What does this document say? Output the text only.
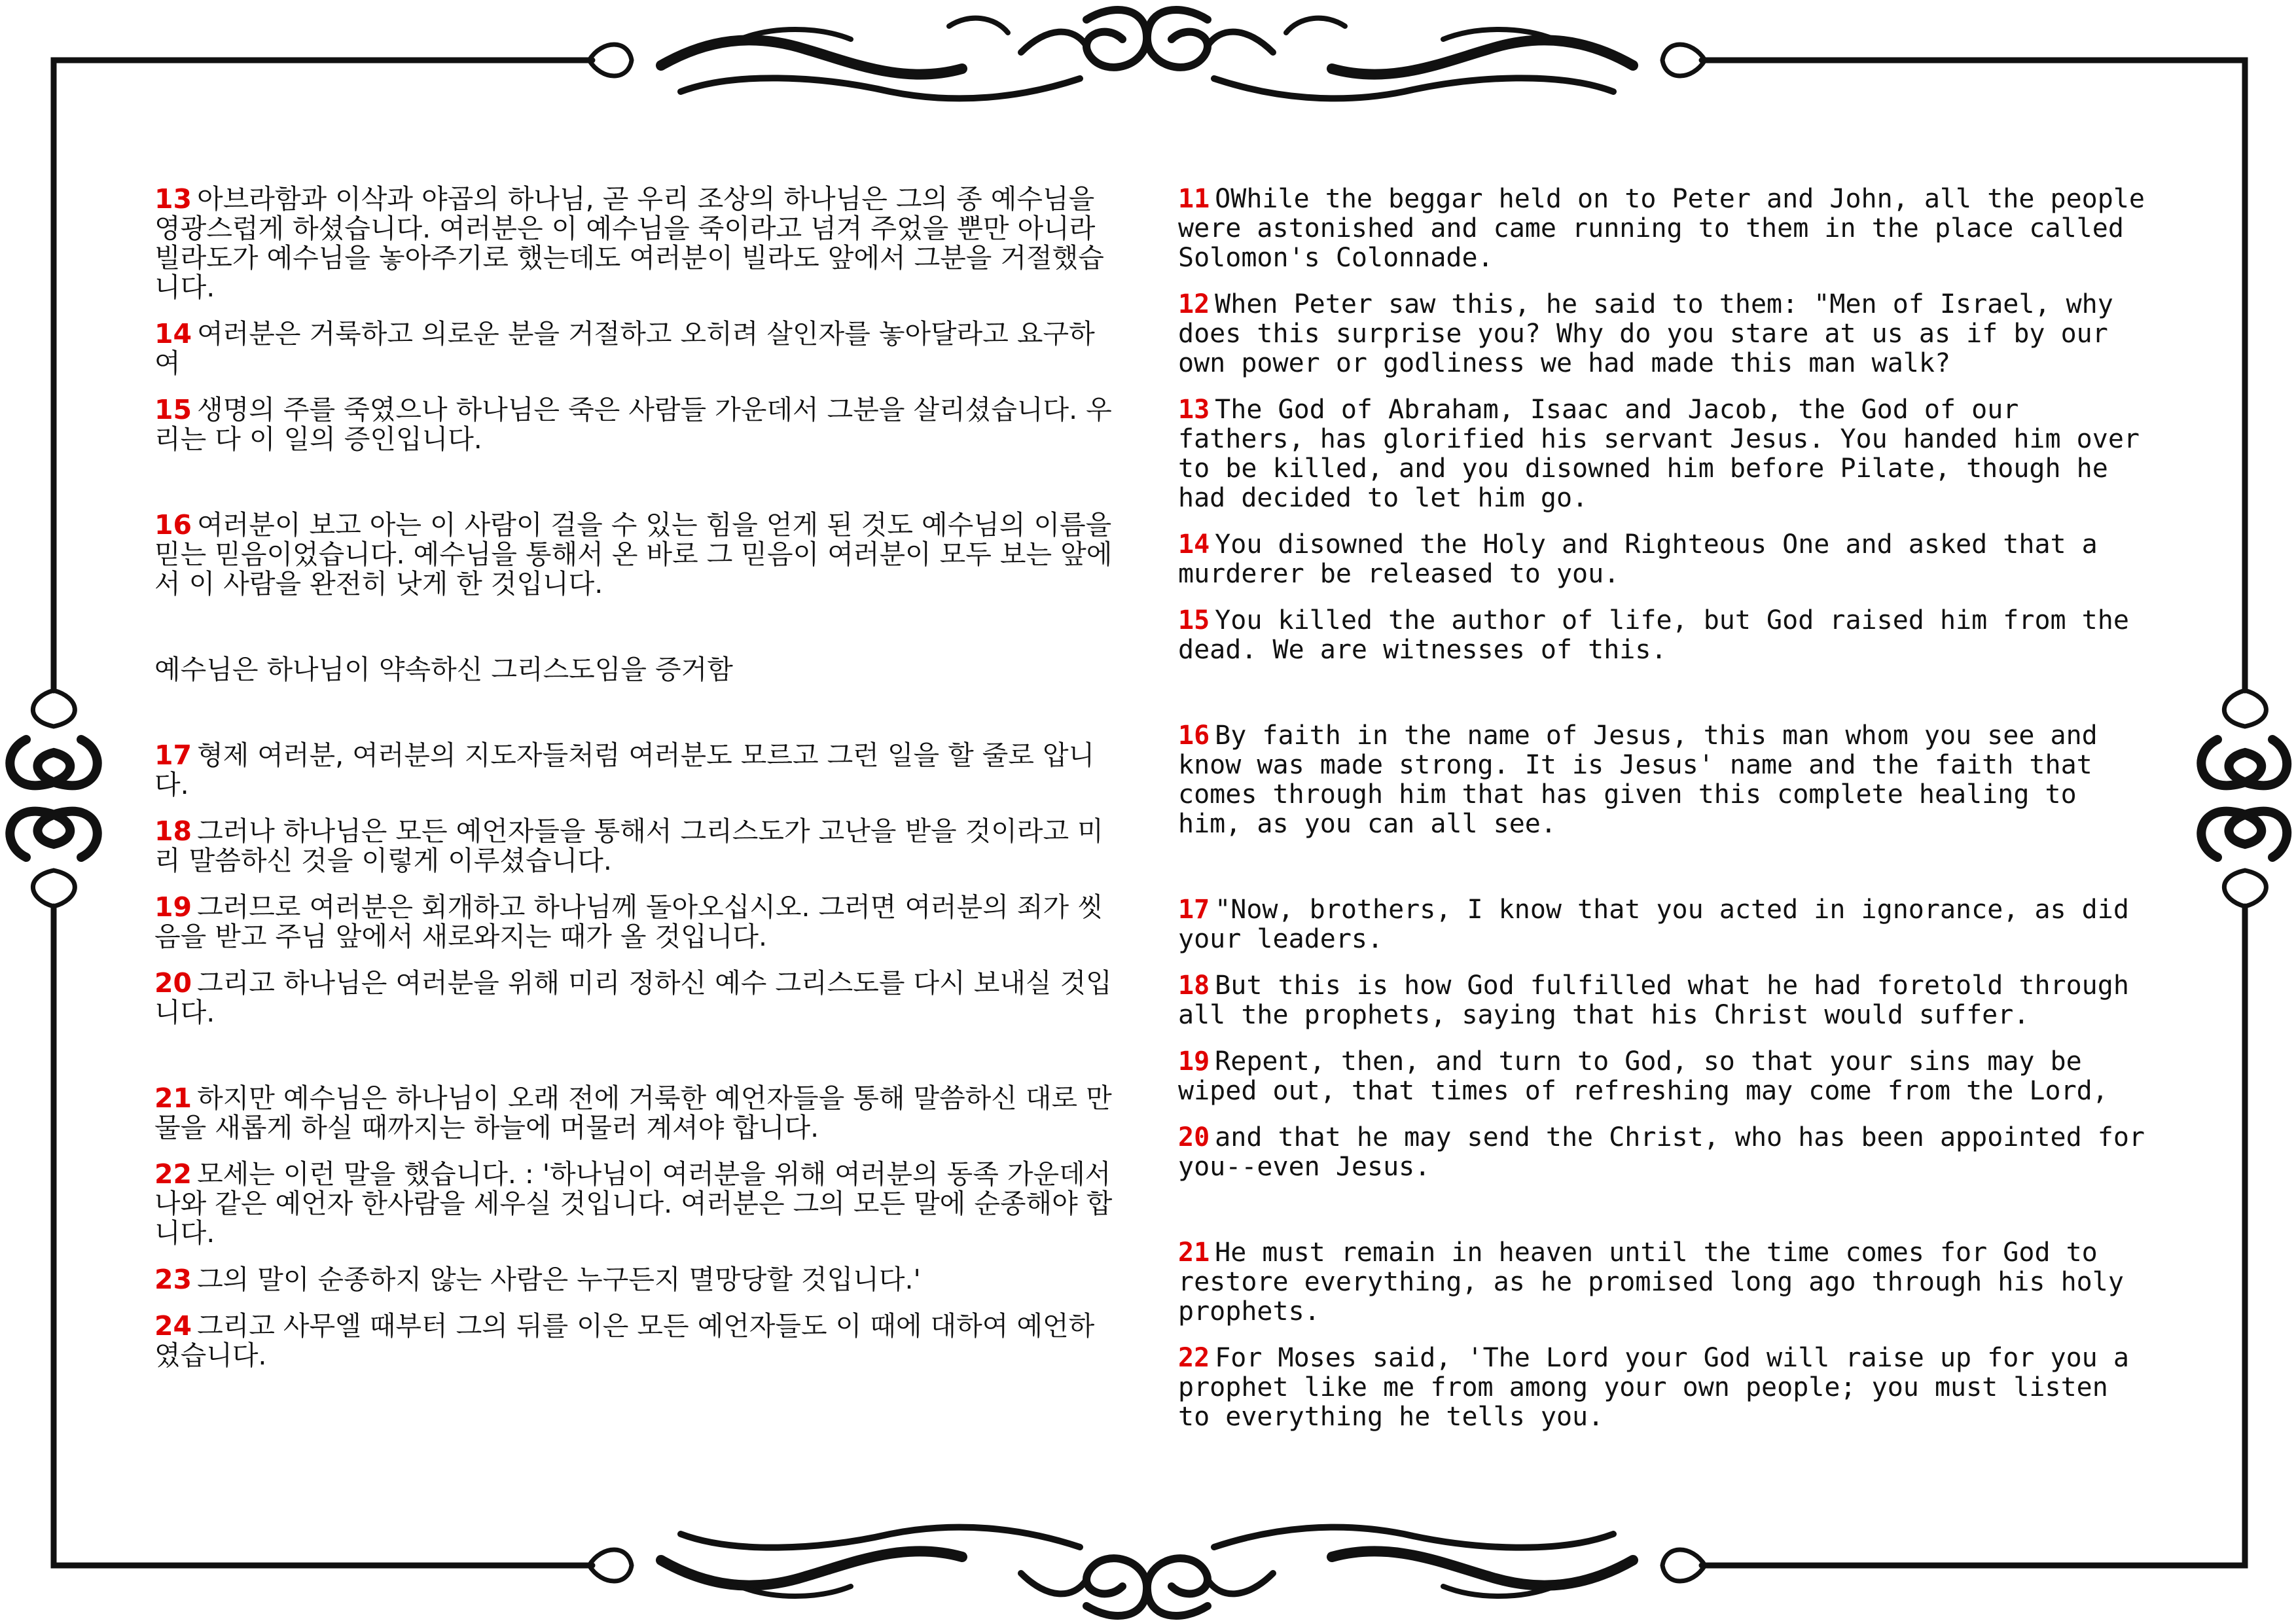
13 아브라함과 이삭과 야곱의 하나님, 곧 우리 조상의 하나님은 그의 종 예수님을 영광스럽게 하셨습니다. 여러분은 이 예수님을 죽이라고 넘겨 주었을 뿐만 아니라 빌라도가 예수님을 놓아주기로 했는데도 여러분이 빌라도 앞에서 그분을 거절했습니다.

14 여러분은 거룩하고 의로운 분을 거절하고 오히려 살인자를 놓아달라고 요구하여

15 생명의 주를 죽였으나 하나님은 죽은 사람들 가운데서 그분을 살리셨습니다. 우리는 다 이 일의 증인입니다.

16 여러분이 보고 아는 이 사람이 걸을 수 있는 힘을 얻게 된 것도 예수님의 이름을 믿는 믿음이었습니다. 예수님을 통해서 온 바로 그 믿음이 여러분이 모두 보는 앞에서 이 사람을 완전히 낫게 한 것입니다.

예수님은 하나님이 약속하신 그리스도임을 증거함

17 형제 여러분, 여러분의 지도자들처럼 여러분도 모르고 그런 일을 할 줄로 압니다.

18 그러나 하나님은 모든 예언자들을 통해서 그리스도가 고난을 받을 것이라고 미리 말씀하신 것을 이렇게 이루셨습니다.

19 그러므로 여러분은 회개하고 하나님께 돌아오십시오. 그러면 여러분의 죄가 씻음을 받고 주님 앞에서 새로와지는 때가 올 것입니다.

20 그리고 하나님은 여러분을 위해 미리 정하신 예수 그리스도를 다시 보내실 것입니다.

21 하지만 예수님은 하나님이 오래 전에 거룩한 예언자들을 통해 말씀하신 대로 만물을 새롭게 하실 때까지는 하늘에 머물러 계셔야 합니다.

22 모세는 이런 말을 했습니다. : '하나님이 여러분을 위해 여러분의 동족 가운데서 나와 같은 예언자 한사람을 세우실 것입니다. 여러분은 그의 모든 말에 순종해야 합니다.

23 그의 말이 순종하지 않는 사람은 누구든지 멸망당할 것입니다.'

24 그리고 사무엘 때부터 그의 뒤를 이은 모든 예언자들도 이 때에 대하여 예언하였습니다.

11 OWhile the beggar held on to Peter and John, all the people were astonished and came running to them in the place called Solomon's Colonnade.

12 When Peter saw this, he said to them: "Men of Israel, why does this surprise you? Why do you stare at us as if by our own power or godliness we had made this man walk?

13 The God of Abraham, Isaac and Jacob, the God of our fathers, has glorified his servant Jesus. You handed him over to be killed, and you disowned him before Pilate, though he had decided to let him go.

14 You disowned the Holy and Righteous One and asked that a murderer be released to you.

15 You killed the author of life, but God raised him from the dead. We are witnesses of this.

16 By faith in the name of Jesus, this man whom you see and know was made strong. It is Jesus' name and the faith that comes through him that has given this complete healing to him, as you can all see.

17 "Now, brothers, I know that you acted in ignorance, as did your leaders.

18 But this is how God fulfilled what he had foretold through all the prophets, saying that his Christ would suffer.

19 Repent, then, and turn to God, so that your sins may be wiped out, that times of refreshing may come from the Lord,

20 and that he may send the Christ, who has been appointed for you--even Jesus.

21 He must remain in heaven until the time comes for God to restore everything, as he promised long ago through his holy prophets.

22 For Moses said, 'The Lord your God will raise up for you a prophet like me from among your own people; you must listen to everything he tells you.
